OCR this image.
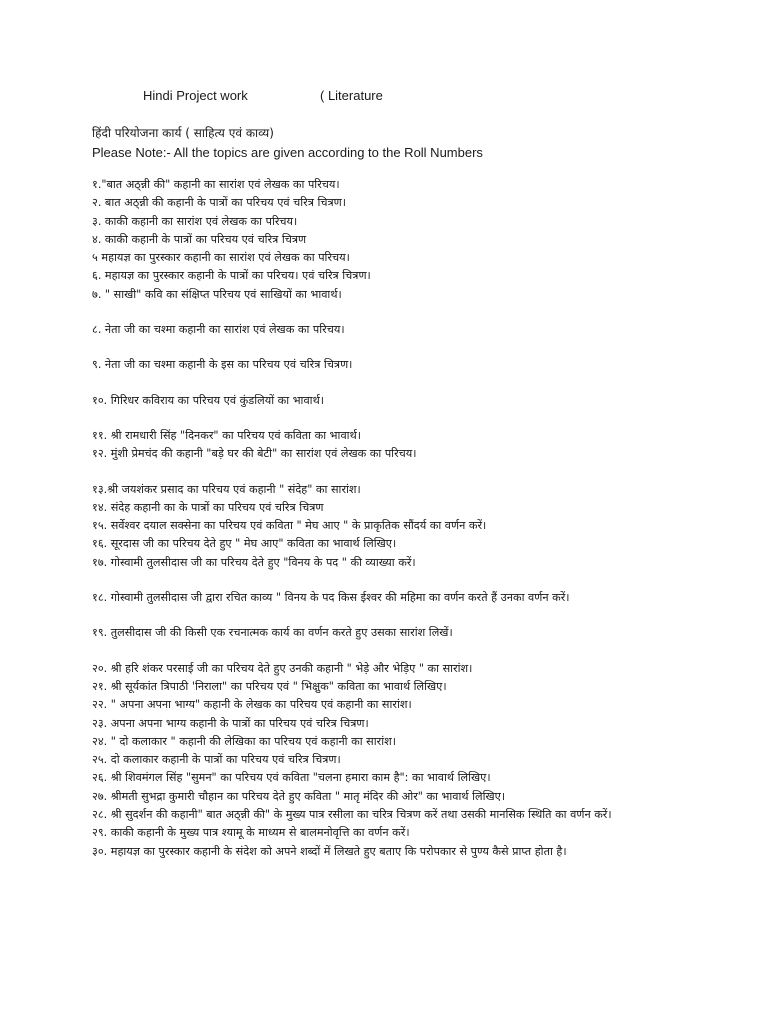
Hindi Project work	( Literature
हिंदी परियोजना कार्य ( साहित्य एवं काव्य)
Please Note:- All the topics are given according to the Roll Numbers
१."बात अठ्न्नी की" कहानी का सारांश एवं लेखक का परिचय।
२. बात अठ्न्नी की कहानी के पात्रों का परिचय एवं चरित्र चित्रण।
३. काकी कहानी का सारांश एवं लेखक का परिचय।
४. काकी कहानी के पात्रों का परिचय एवं चरित्र चित्रण
५ महायज्ञ का पुरस्कार कहानी का सारांश एवं लेखक का परिचय।
६. महायज्ञ का पुरस्कार कहानी के पात्रों का परिचय। एवं चरित्र चित्रण।
७. " साखी" कवि का संक्षिप्त परिचय एवं साखियों का भावार्थ।
८. नेता जी का चश्मा कहानी का सारांश एवं लेखक का परिचय।
९. नेता जी का चश्मा कहानी के इस का परिचय एवं चरित्र चित्रण।
१०. गिरिधर कविराय का परिचय एवं कुंडलियों का भावार्थ।
११. श्री रामधारी सिंह "दिनकर" का परिचय एवं कविता का भावार्थ।
१२. मुंशी प्रेमचंद की कहानी "बड़े घर की बेटी" का सारांश एवं लेखक का परिचय।
१३.श्री जयशंकर प्रसाद का परिचय एवं कहानी " संदेह" का सारांश।
१४. संदेह कहानी का के पात्रों का परिचय एवं चरित्र चित्रण
१५. सर्वेश्वर दयाल सक्सेना का परिचय एवं कविता " मेघ आए " के प्राकृतिक सौंदर्य का वर्णन करें।
१६. सूरदास जी का परिचय देते हुए " मेघ आए" कविता का भावार्थ लिखिए।
१७. गोस्वामी तुलसीदास जी का परिचय देते हुए "विनय के पद " की व्याख्या करें।
१८. गोस्वामी तुलसीदास जी द्वारा रचित काव्य " विनय के पद किस ईश्वर की महिमा का वर्णन करते हैं उनका वर्णन करें।
१९. तुलसीदास जी की किसी एक रचनात्मक कार्य का वर्णन करते हुए उसका सारांश लिखें।
२०. श्री हरि शंकर परसाई जी का परिचय देते हुए उनकी कहानी " भेड़े और भेड़िए " का सारांश।
२१. श्री सूर्यकांत त्रिपाठी 'निराला" का परिचय एवं " भिक्षुक" कविता का भावार्थ लिखिए।
२२. " अपना अपना भाग्य" कहानी के लेखक का परिचय एवं कहानी का सारांश।
२३. अपना अपना भाग्य कहानी के पात्रों का परिचय एवं चरित्र चित्रण।
२४. " दो कलाकार " कहानी की लेखिका का परिचय एवं कहानी का सारांश।
२५. दो कलाकार कहानी के पात्रों का परिचय एवं चरित्र चित्रण।
२६. श्री शिवमंगल सिंह "सुमन" का परिचय एवं कविता "चलना हमारा काम है": का भावार्थ लिखिए।
२७. श्रीमती सुभद्रा कुमारी चौहान का परिचय देते हुए कविता " मातृ मंदिर की ओर" का भावार्थ लिखिए।
२८. श्री सुदर्शन की कहानी" बात अठ्न्नी की" के मुख्य पात्र रसीला का चरित्र चित्रण करें तथा उसकी मानसिक स्थिति का वर्णन करें।
२९. काकी कहानी के मुख्य पात्र श्यामू के माध्यम से बालमनोवृत्ति का वर्णन करें।
३०. महायज्ञ का पुरस्कार कहानी के संदेश को अपने शब्दों में लिखते हुए बताए कि परोपकार से पुण्य कैसे प्राप्त होता है।
